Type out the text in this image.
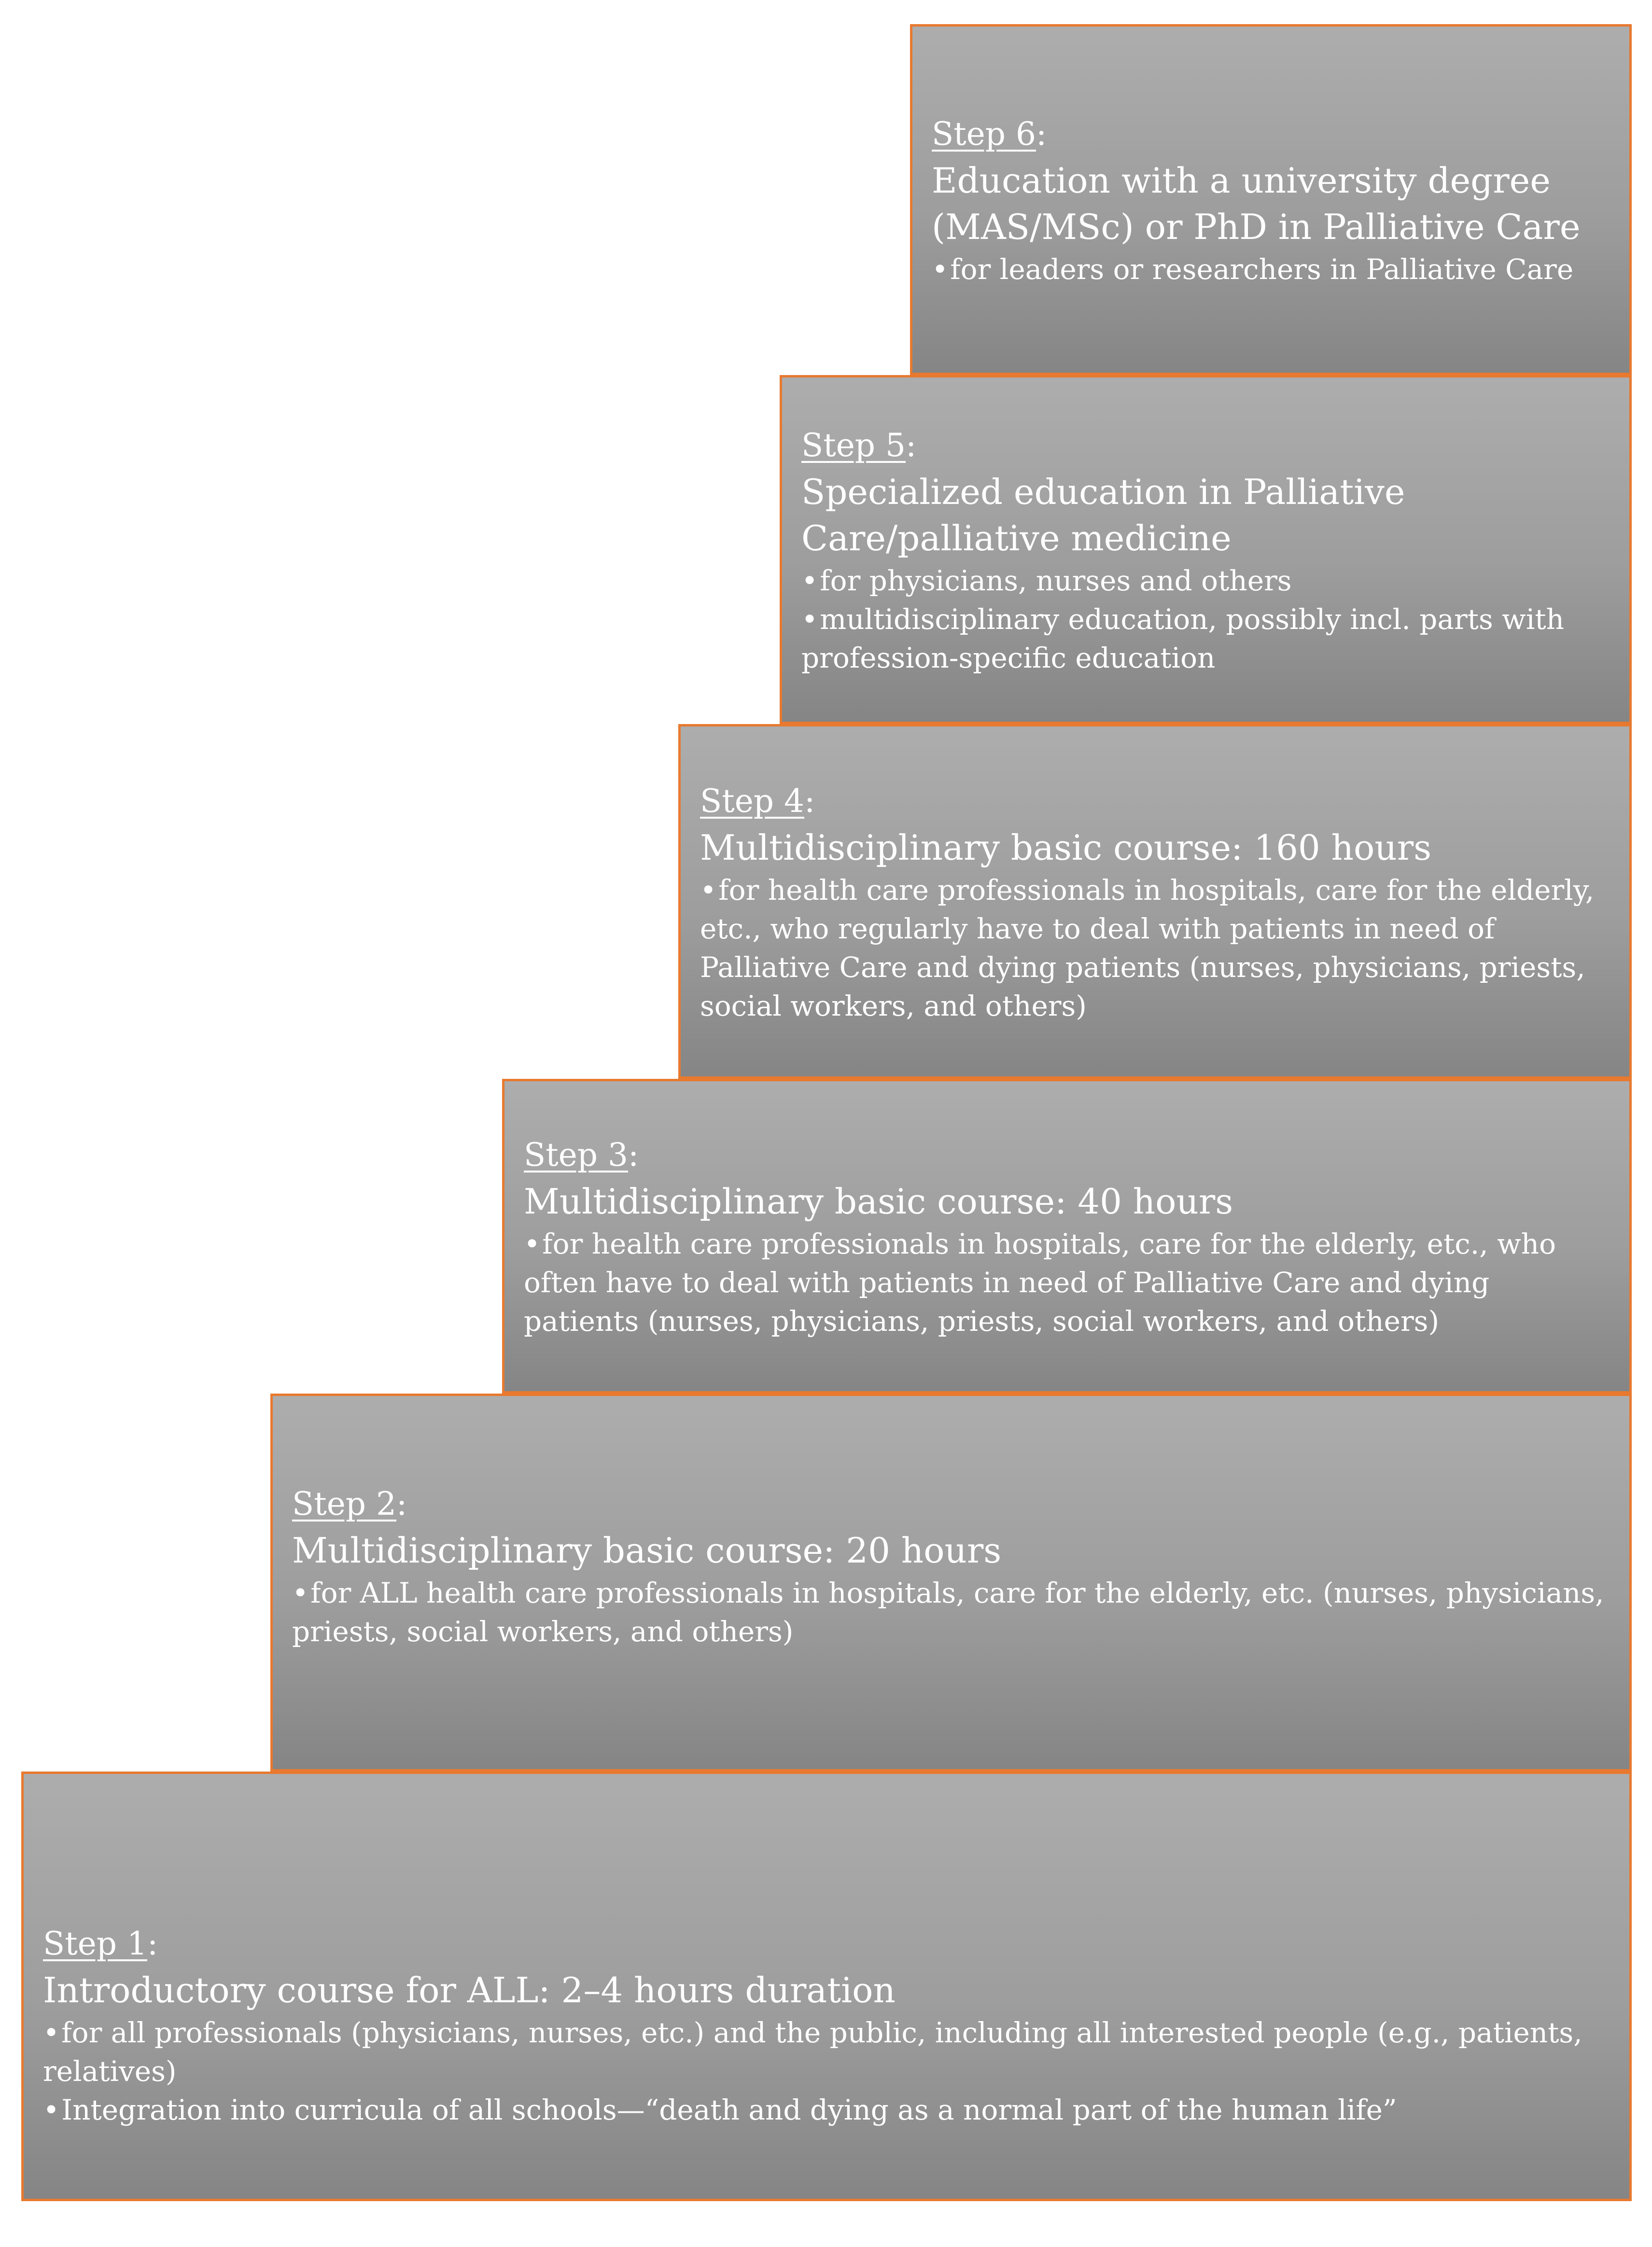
Step 1:

Introductory course for ALL: 2–4 hours duration

•for all professionals (physicians, nurses, etc.) and the public, including all interested people (e.g., patients, relatives)
•Integration into curricula of all schools—“death and dying as a normal part of the human life”

Step 2:

Multidisciplinary basic course: 20 hours

•for ALL health care professionals in hospitals, care for the elderly, etc. (nurses, physicians, priests, social workers, and others)

Step 3:

Multidisciplinary basic course: 40 hours

•for health care professionals in hospitals, care for the elderly, etc., who often have to deal with patients in need of Palliative Care and dying patients (nurses, physicians, priests, social workers, and others)

Step 4:

Multidisciplinary basic course: 160 hours

•for health care professionals in hospitals, care for the elderly, etc., who regularly have to deal with patients in need of Palliative Care and dying patients (nurses, physicians, priests, social workers, and others)

Step 5:

Specialized education in Palliative Care/palliative medicine

•for physicians, nurses and others
•multidisciplinary education, possibly incl. parts with profession-specific education

Step 6:

Education with a university degree (MAS/MSc) or PhD in Palliative Care

•for leaders or researchers in Palliative Care
